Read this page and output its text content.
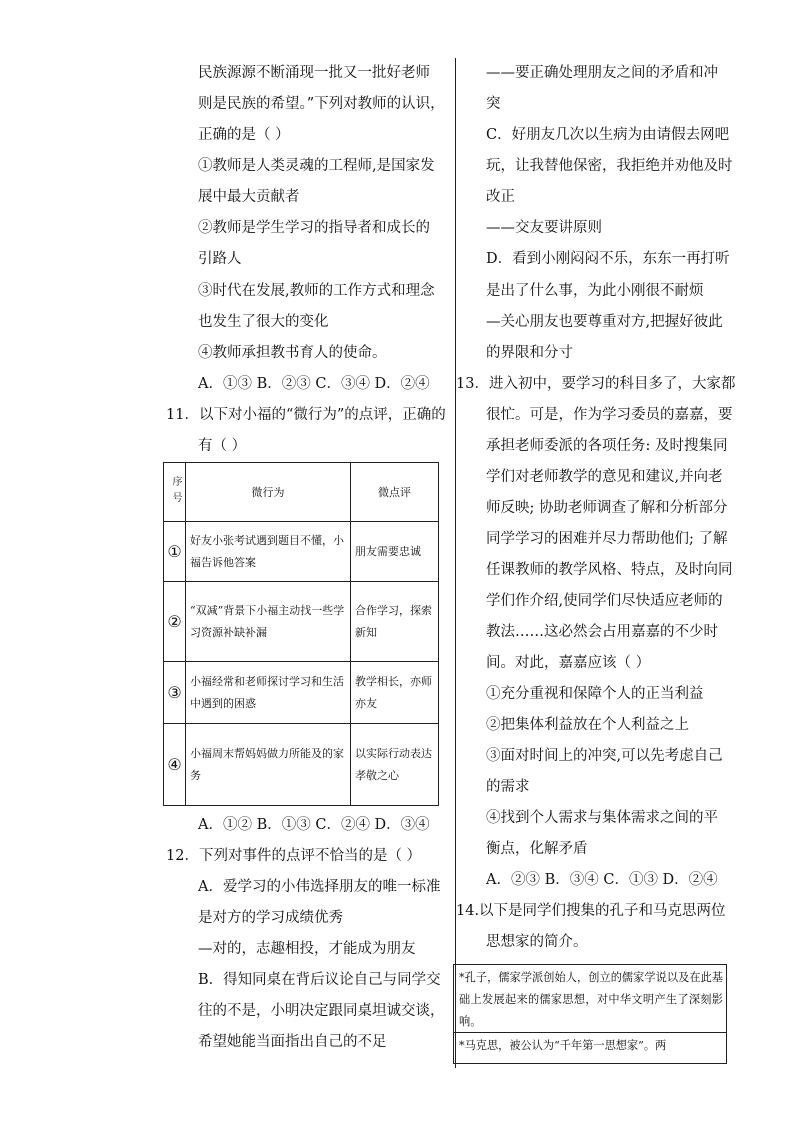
民族源源不断涌现一批又一批好老师
则是民族的希望。”下列对教师的认识，
正确的是（ ）
①教师是人类灵魂的工程师,是国家发
展中最大贡献者
②教师是学生学习的指导者和成长的
引路人
③时代在发展,教师的工作方式和理念
也发生了很大的变化
④教师承担教书育人的使命。
A．①③ B．②③ C．③④ D．②④
11．以下对小福的“微行为”的点评，正确的
有（ ）
序号	微行为	微点评
①	好友小张考试遇到题目不懂，小福告诉他答案	朋友需要忠诚
②	“双减”背景下小福主动找一些学习资源补缺补漏	合作学习，探索新知
③	小福经常和老师探讨学习和生活中遇到的困惑	教学相长，亦师亦友
④	小福周末帮妈妈做力所能及的家务	以实际行动表达孝敬之心
A．①② B．①③ C．②④ D．③④
12．下列对事件的点评不恰当的是（ ）
A．爱学习的小伟选择朋友的唯一标准
是对方的学习成绩优秀
—对的，志趣相投，才能成为朋友
B．得知同桌在背后议论自己与同学交
往的不是，小明决定跟同桌坦诚交谈，
希望她能当面指出自己的不足
——要正确处理朋友之间的矛盾和冲
突
C．好朋友几次以生病为由请假去网吧
玩，让我替他保密，我拒绝并劝他及时
改正
——交友要讲原则
D．看到小刚闷闷不乐，东东一再打听
是出了什么事，为此小刚很不耐烦
—关心朋友也要尊重对方,把握好彼此
的界限和分寸
13．进入初中，要学习的科目多了，大家都
很忙。可是，作为学习委员的嘉嘉，要
承担老师委派的各项任务: 及时搜集同
学们对老师教学的意见和建议,并向老
师反映; 协助老师调查了解和分析部分
同学学习的困难并尽力帮助他们; 了解
任课教师的教学风格、特点，及时向同
学们作介绍,使同学们尽快适应老师的
教法……这必然会占用嘉嘉的不少时
间。对此，嘉嘉应该（ ）
①充分重视和保障个人的正当利益
②把集体利益放在个人利益之上
③面对时间上的冲突,可以先考虑自己
的需求
④找到个人需求与集体需求之间的平
衡点，化解矛盾
A．②③ B．③④ C．①③ D．②④
14.以下是同学们搜集的孔子和马克思两位
思想家的简介。
*孔子，儒家学派创始人，创立的儒家学说以及在此基础上发展起来的儒家思想，对中华文明产生了深刻影响。
*马克思，被公认为“千年第一思想家”。两
